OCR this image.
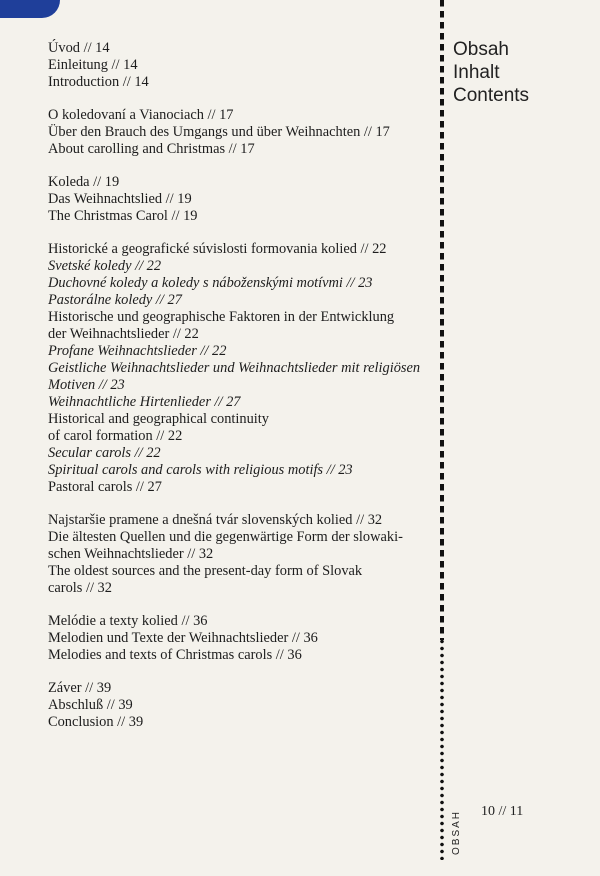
Úvod // 14
Einleitung // 14
Introduction // 14
O koledovaní a Vianociach // 17
Über den Brauch des Umgangs und über Weihnachten // 17
About carolling and Christmas // 17
Koleda // 19
Das Weihnachtslied // 19
The Christmas Carol // 19
Historické a geografické súvislosti formovania kolied // 22
Svetské koledy // 22
Duchovné koledy a koledy s náboženskými motívmi // 23
Pastorálne koledy // 27
Historische und geographische Faktoren in der Entwicklung
der Weihnachtslieder // 22
Profane Weihnachtslieder // 22
Geistliche Weihnachtslieder und Weihnachtslieder mit religiösen
Motiven // 23
Weihnachtliche Hirtenlieder // 27
Historical and geographical continuity
of carol formation // 22
Secular carols // 22
Spiritual carols and carols with religious motifs // 23
Pastoral carols // 27
Najstaršie pramene a dnešná tvár slovenských kolied // 32
Die ältesten Quellen und die gegenwärtige Form der slowaki-
schen Weihnachtslieder // 32
The oldest sources and the present-day form of Slovak
carols // 32
Melódie a texty kolied // 36
Melodien und Texte der Weihnachtslieder // 36
Melodies and texts of Christmas carols // 36
Záver // 39
Abschluß // 39
Conclusion // 39
Obsah
Inhalt
Contents
OBSAH 10 // 11
